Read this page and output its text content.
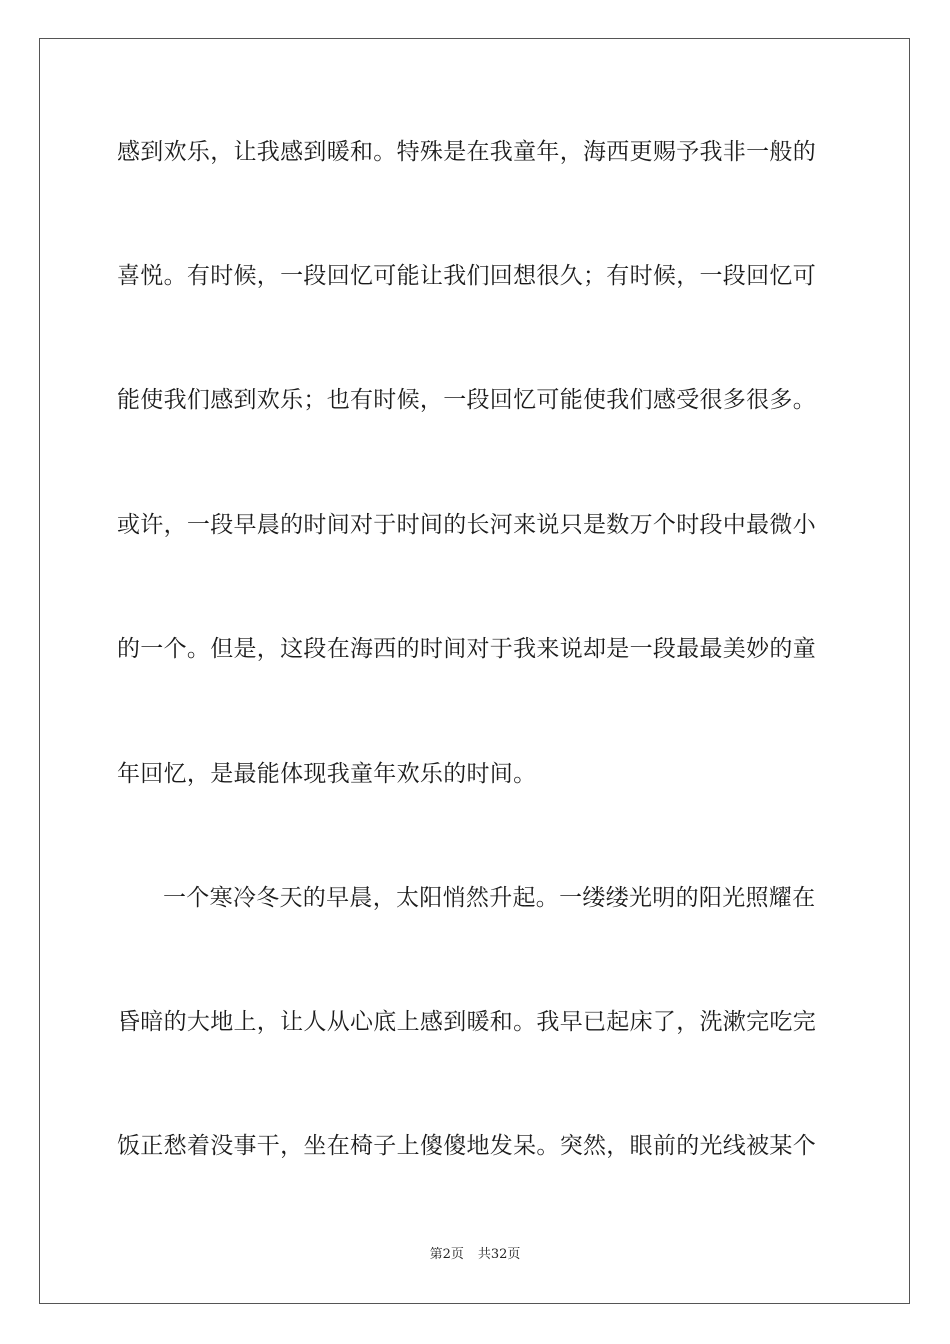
感到欢乐，让我感到暖和。特殊是在我童年，海西更赐予我非一般的
喜悦。有时候，一段回忆可能让我们回想很久；有时候，一段回忆可
能使我们感到欢乐；也有时候，一段回忆可能使我们感受很多很多。
或许，一段早晨的时间对于时间的长河来说只是数万个时段中最微小
的一个。但是，这段在海西的时间对于我来说却是一段最最美妙的童
年回忆，是最能体现我童年欢乐的时间。
一个寒冷冬天的早晨，太阳悄然升起。一缕缕光明的阳光照耀在
昏暗的大地上，让人从心底上感到暖和。我早已起床了，洗漱完吃完
饭正愁着没事干，坐在椅子上傻傻地发呆。突然，眼前的光线被某个
第2页 共32页
